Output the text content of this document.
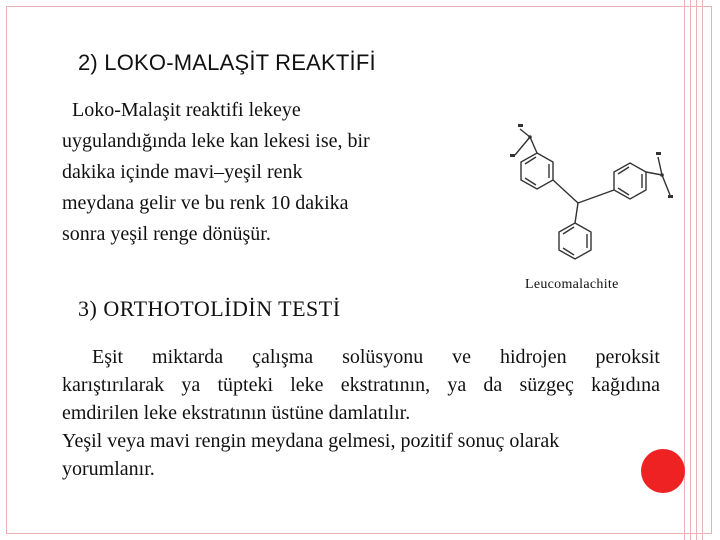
2) LOKO-MALAŞİT REAKTİFİ

Loko-Malaşit reaktifi lekeye
uygulandığında leke kan lekesi ise, bir
dakika içinde mavi–yeşil renk
meydana gelir ve bu renk 10 dakika
sonra yeşil renge dönüşür.

Leucomalachite

3) ORTHOTOLİDİN TESTİ

Eşit miktarda çalışma solüsyonu ve hidrojen peroksit
karıştırılarak ya tüpteki leke ekstratının, ya da süzgeç kağıdına
emdirilen leke ekstratının üstüne damlatılır.
Yeşil veya mavi rengin meydana gelmesi, pozitif sonuç olarak
yorumlanır.
